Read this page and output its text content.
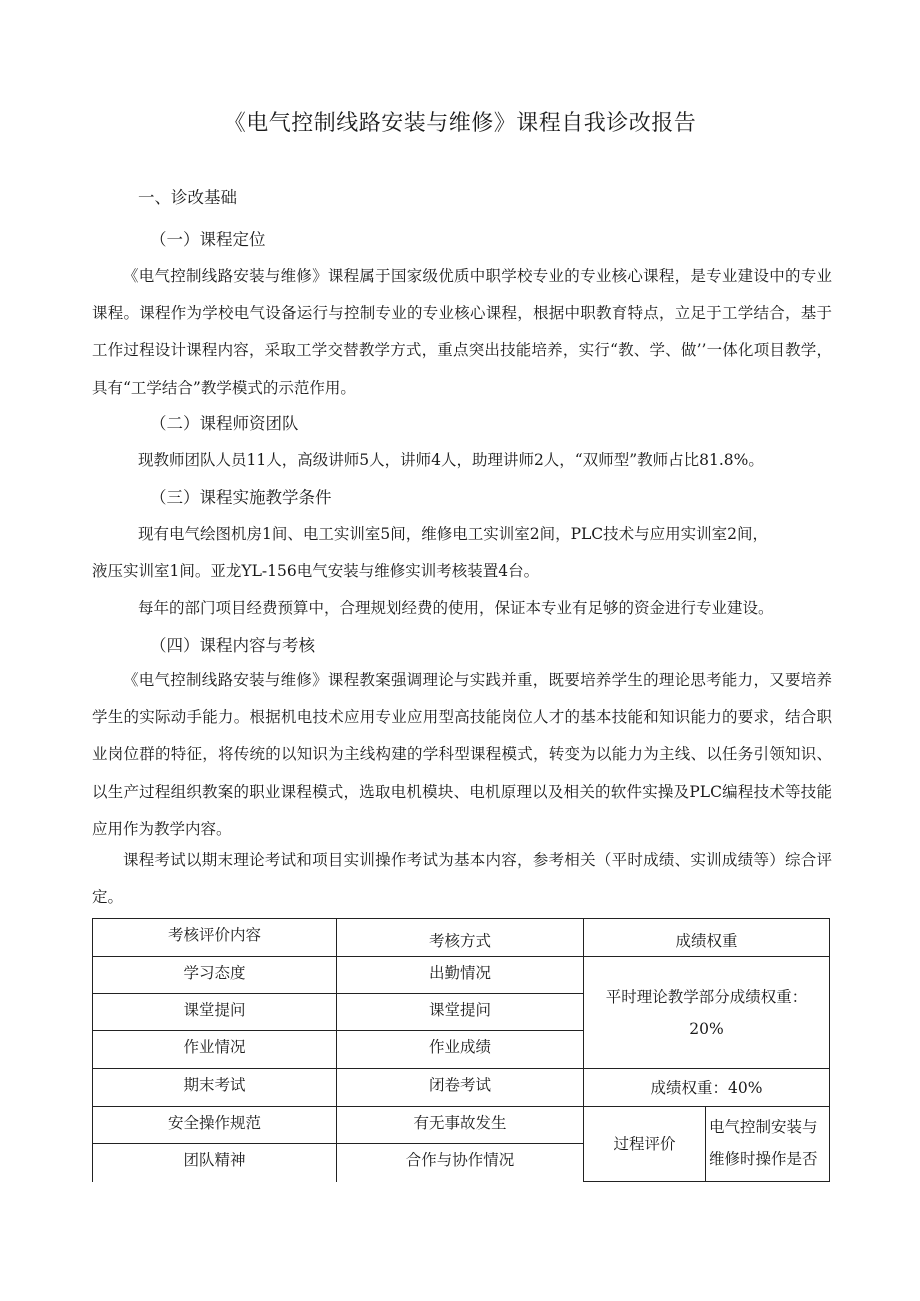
《电气控制线路安装与维修》课程自我诊改报告
一、诊改基础
（一）课程定位

《电气控制线路安装与维修》课程属于国家级优质中职学校专业的专业核心课程，是专业建设中的专业课程。课程作为学校电气设备运行与控制专业的专业核心课程，根据中职教育特点，立足于工学结合，基于工作过程设计课程内容，采取工学交替教学方式，重点突出技能培养，实行“教、学、做’’一体化项目教学，具有“工学结合”教学模式的示范作用。

（二）课程师资团队
现教师团队人员11人，高级讲师5人，讲师4人，助理讲师2人，“双师型”教师占比81.8%。
（三）课程实施教学条件
现有电气绘图机房1间、电工实训室5间，维修电工实训室2间，PLC技术与应用实训室2间，
液压实训室1间。亚龙YL-156电气安装与维修实训考核装置4台。
每年的部门项目经费预算中，合理规划经费的使用，保证本专业有足够的资金进行专业建设。
（四）课程内容与考核

《电气控制线路安装与维修》课程教案强调理论与实践并重，既要培养学生的理论思考能力，又要培养学生的实际动手能力。根据机电技术应用专业应用型高技能岗位人才的基本技能和知识能力的要求，结合职业岗位群的特征，将传统的以知识为主线构建的学科型课程模式，转变为以能力为主线、以任务引领知识、以生产过程组织教案的职业课程模式，选取电机模块、电机原理以及相关的软件实操及PLC编程技术等技能应用作为教学内容。

课程考试以期末理论考试和项目实训操作考试为基本内容，参考相关（平时成绩、实训成绩等）综合评定。

考核评价内容	考核方式	成绩权重	
学习态度	出勤情况	平时理论教学部分成绩权重：20%	
课堂提问	课堂提问		
作业情况	作业成绩		
期末考试	闭卷考试	成绩权重：40%	
安全操作规范	有无事故发生	过程评价	电气控制安装与维修时操作是否
团队精神	合作与协作情况		
